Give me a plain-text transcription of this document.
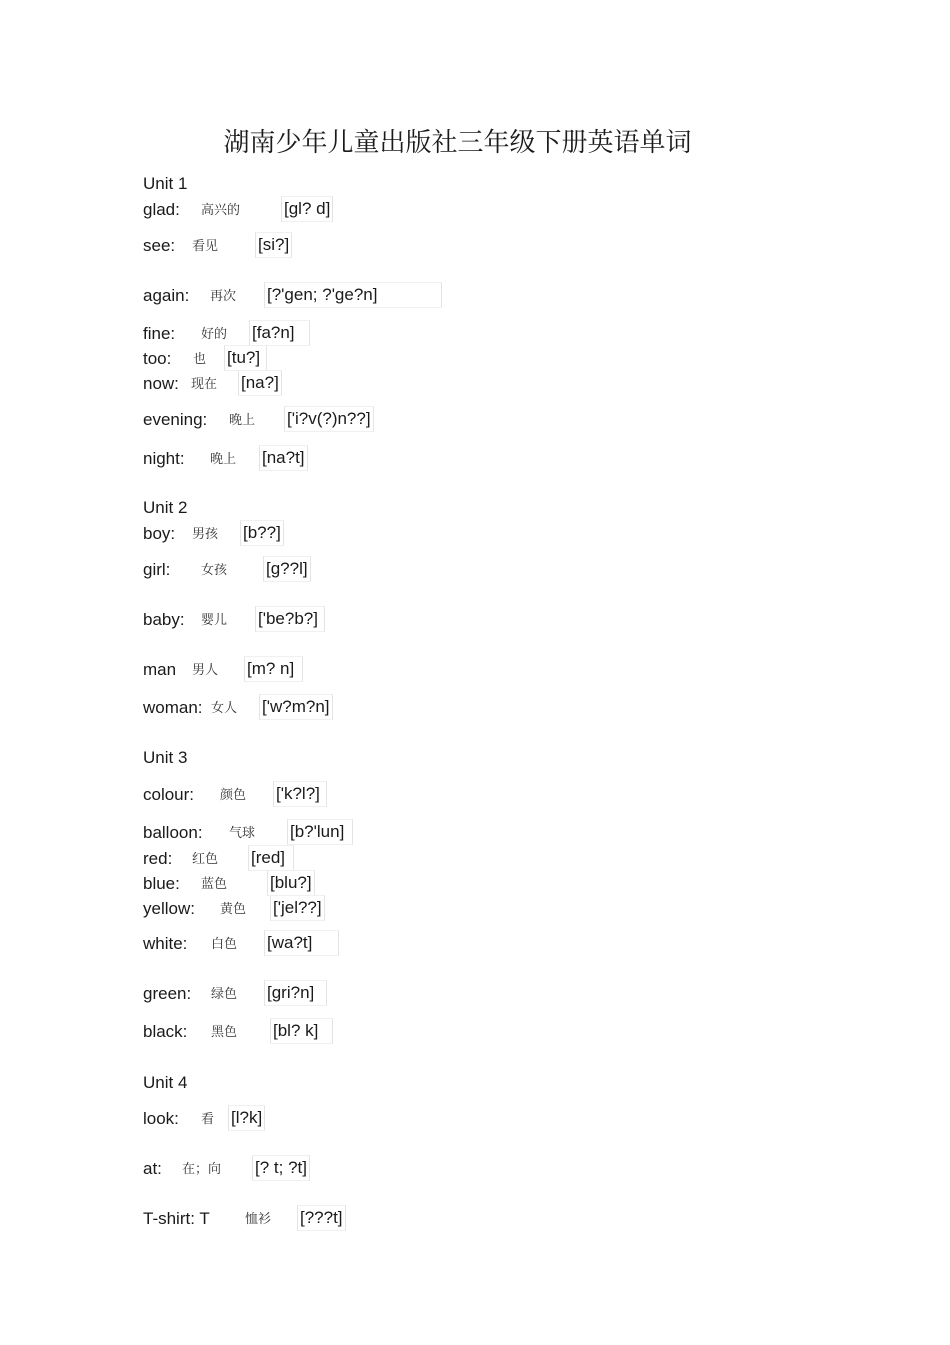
湖南少年儿童出版社三年级下册英语单词
Unit 1
glad: 高兴的	[gl? d]
see: 看见 [si?]
again: 再次 [?'gen; ?'ge?n]
fine: 好的 [fa?n]
too: 也 [tu?]
now: 现在 [na?]
evening: 晚上 ['i?v(?)n??]
night: 晚上 [na?t]
Unit 2
boy: 男孩 [b??]
girl: 女孩 [g??l]
baby: 婴儿 ['be?b?]
man 男人 [m? n]
woman: 女人 ['w?m?n]
Unit 3
colour: 颜色 ['k?l?]
balloon: 气球 [b?'lun]
red: 红色 [red]
blue: 蓝色	[blu?]
yellow: 黄色 ['jel??]
white: 白色 [wa?t]
green: 绿色 [gri?n]
black: 黑色 [bl? k]
Unit 4
look: 看 [l?k]
at: 在；向 [? t; ?t]
T-shirt: T	恤衫 [???t]
